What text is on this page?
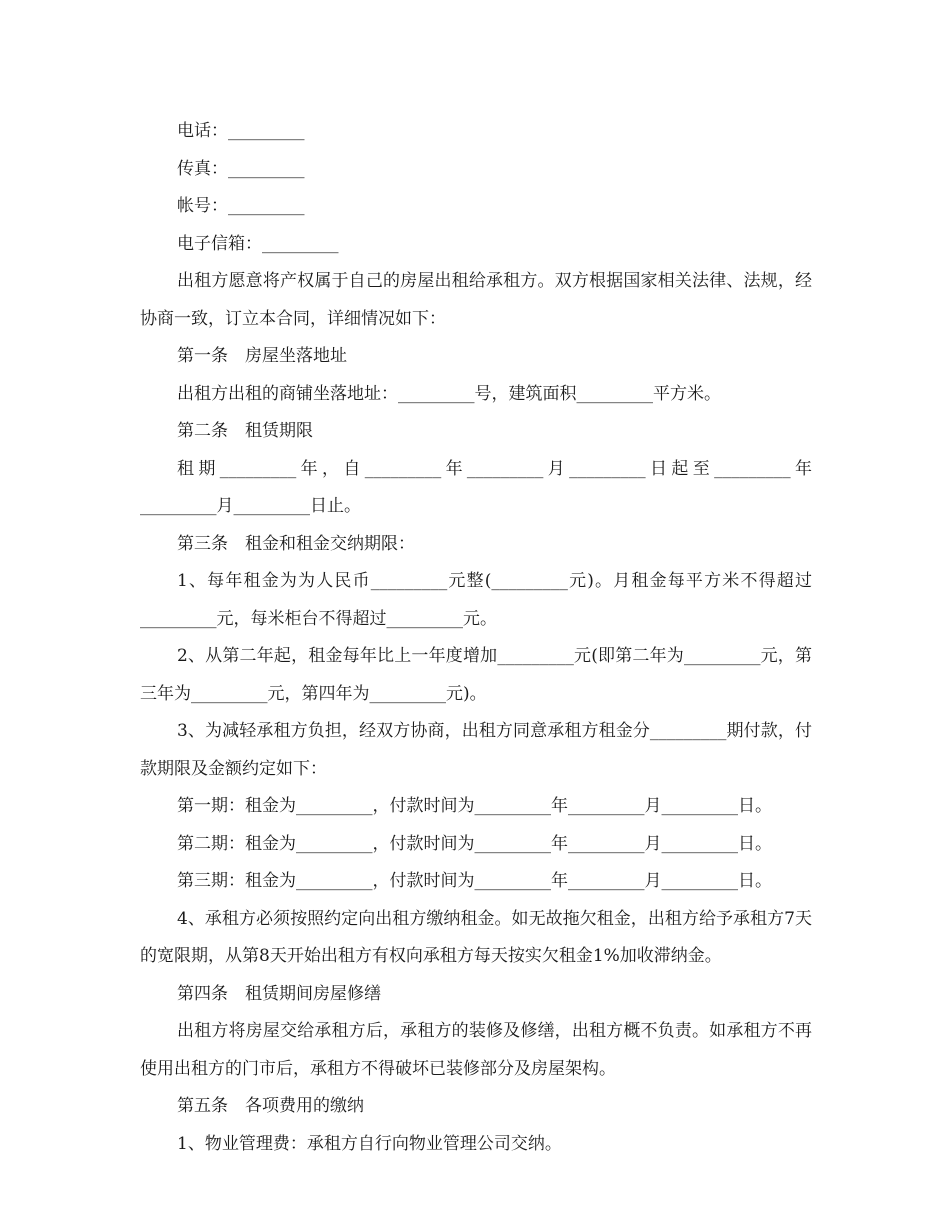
电话：_________

传真：_________

帐号：_________

电子信箱：_________

出租方愿意将产权属于自己的房屋出租给承租方。双方根据国家相关法律、法规，经协商一致，订立本合同，详细情况如下：

第一条　房屋坐落地址

出租方出租的商铺坐落地址：_________号，建筑面积_________平方米。

第二条　租赁期限

租期_________年，自_________年_________月_________日起至_________年_________月_________日止。

第三条　租金和租金交纳期限：

1、每年租金为为人民币_________元整(_________元)。月租金每平方米不得超过_________元，每米柜台不得超过_________元。

2、从第二年起，租金每年比上一年度增加_________元(即第二年为_________元，第三年为_________元，第四年为_________元)。

3、为减轻承租方负担，经双方协商，出租方同意承租方租金分_________期付款，付款期限及金额约定如下：

第一期：租金为_________，付款时间为_________年_________月_________日。

第二期：租金为_________，付款时间为_________年_________月_________日。

第三期：租金为_________，付款时间为_________年_________月_________日。

4、承租方必须按照约定向出租方缴纳租金。如无故拖欠租金，出租方给予承租方7天的宽限期，从第8天开始出租方有权向承租方每天按实欠租金1%加收滞纳金。

第四条　租赁期间房屋修缮

出租方将房屋交给承租方后，承租方的装修及修缮，出租方概不负责。如承租方不再使用出租方的门市后，承租方不得破坏已装修部分及房屋架构。

第五条　各项费用的缴纳

1、物业管理费：承租方自行向物业管理公司交纳。
